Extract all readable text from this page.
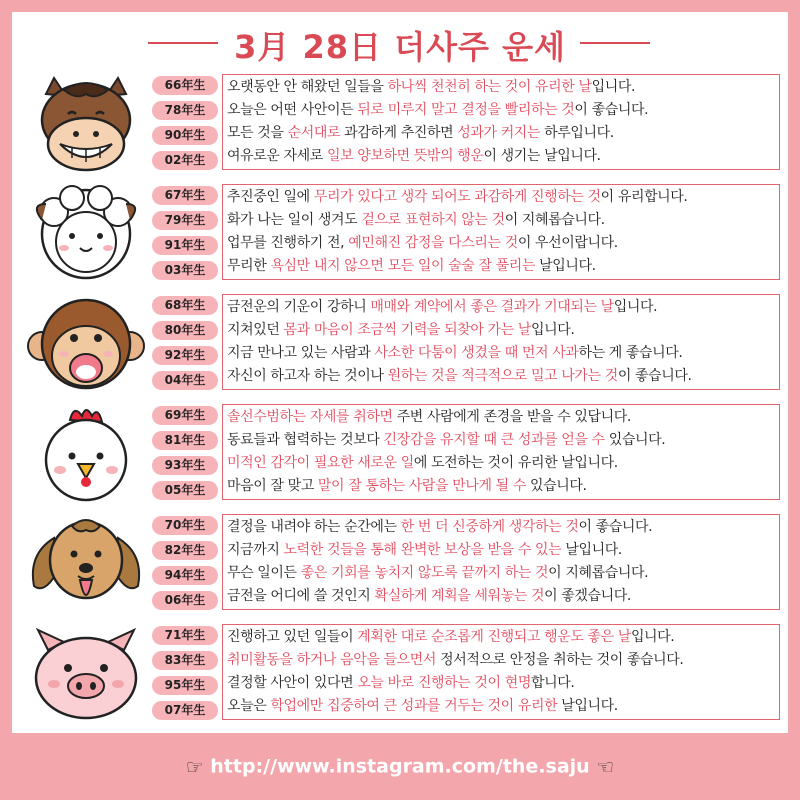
3月 28日 더사주 운세
66年生
78年生
90年生
02年生
오랫동안 안 해왔던 일들을 하나씩 천천히 하는 것이 유리한 날입니다.
오늘은 어떤 사안이든 뒤로 미루지 말고 결정을 빨리하는 것이 좋습니다.
모든 것을 순서대로 과감하게 추진하면 성과가 커지는 하루입니다.
여유로운 자세로 일보 양보하면 뜻밖의 행운이 생기는 날입니다.
67年生
79年生
91年生
03年生
추진중인 일에 무리가 있다고 생각 되어도 과감하게 진행하는 것이 유리합니다.
화가 나는 일이 생겨도 겉으로 표현하지 않는 것이 지혜롭습니다.
업무를 진행하기 전, 예민해진 감정을 다스리는 것이 우선이랍니다.
무리한 욕심만 내지 않으면 모든 일이 술술 잘 풀리는 날입니다.
68年生
80年生
92年生
04年生
금전운의 기운이 강하니 매매와 계약에서 좋은 결과가 기대되는 날입니다.
지쳐있던 몸과 마음이 조금씩 기력을 되찾아 가는 날입니다.
지금 만나고 있는 사람과 사소한 다툼이 생겼을 때 먼저 사과하는 게 좋습니다.
자신이 하고자 하는 것이나 원하는 것을 적극적으로 밀고 나가는 것이 좋습니다.
69年生
81年生
93年生
05年生
솔선수범하는 자세를 취하면 주변 사람에게 존경을 받을 수 있답니다.
동료들과 협력하는 것보다 긴장감을 유지할 때 큰 성과를 얻을 수 있습니다.
미적인 감각이 필요한 새로운 일에 도전하는 것이 유리한 날입니다.
마음이 잘 맞고 말이 잘 통하는 사람을 만나게 될 수 있습니다.
70年生
82年生
94年生
06年生
결정을 내려야 하는 순간에는 한 번 더 신중하게 생각하는 것이 좋습니다.
지금까지 노력한 것들을 통해 완벽한 보상을 받을 수 있는 날입니다.
무슨 일이든 좋은 기회를 놓치지 않도록 끝까지 하는 것이 지혜롭습니다.
금전을 어디에 쓸 것인지 확실하게 계획을 세워놓는 것이 좋겠습니다.
71年生
83年生
95年生
07年生
진행하고 있던 일들이 계획한 대로 순조롭게 진행되고 행운도 좋은 날입니다.
취미활동을 하거나 음악을 들으면서 정서적으로 안정을 취하는 것이 좋습니다.
결정할 사안이 있다면 오늘 바로 진행하는 것이 현명합니다.
오늘은 학업에만 집중하여 큰 성과를 거두는 것이 유리한 날입니다.
☞ http://www.instagram.com/the.saju ☜
